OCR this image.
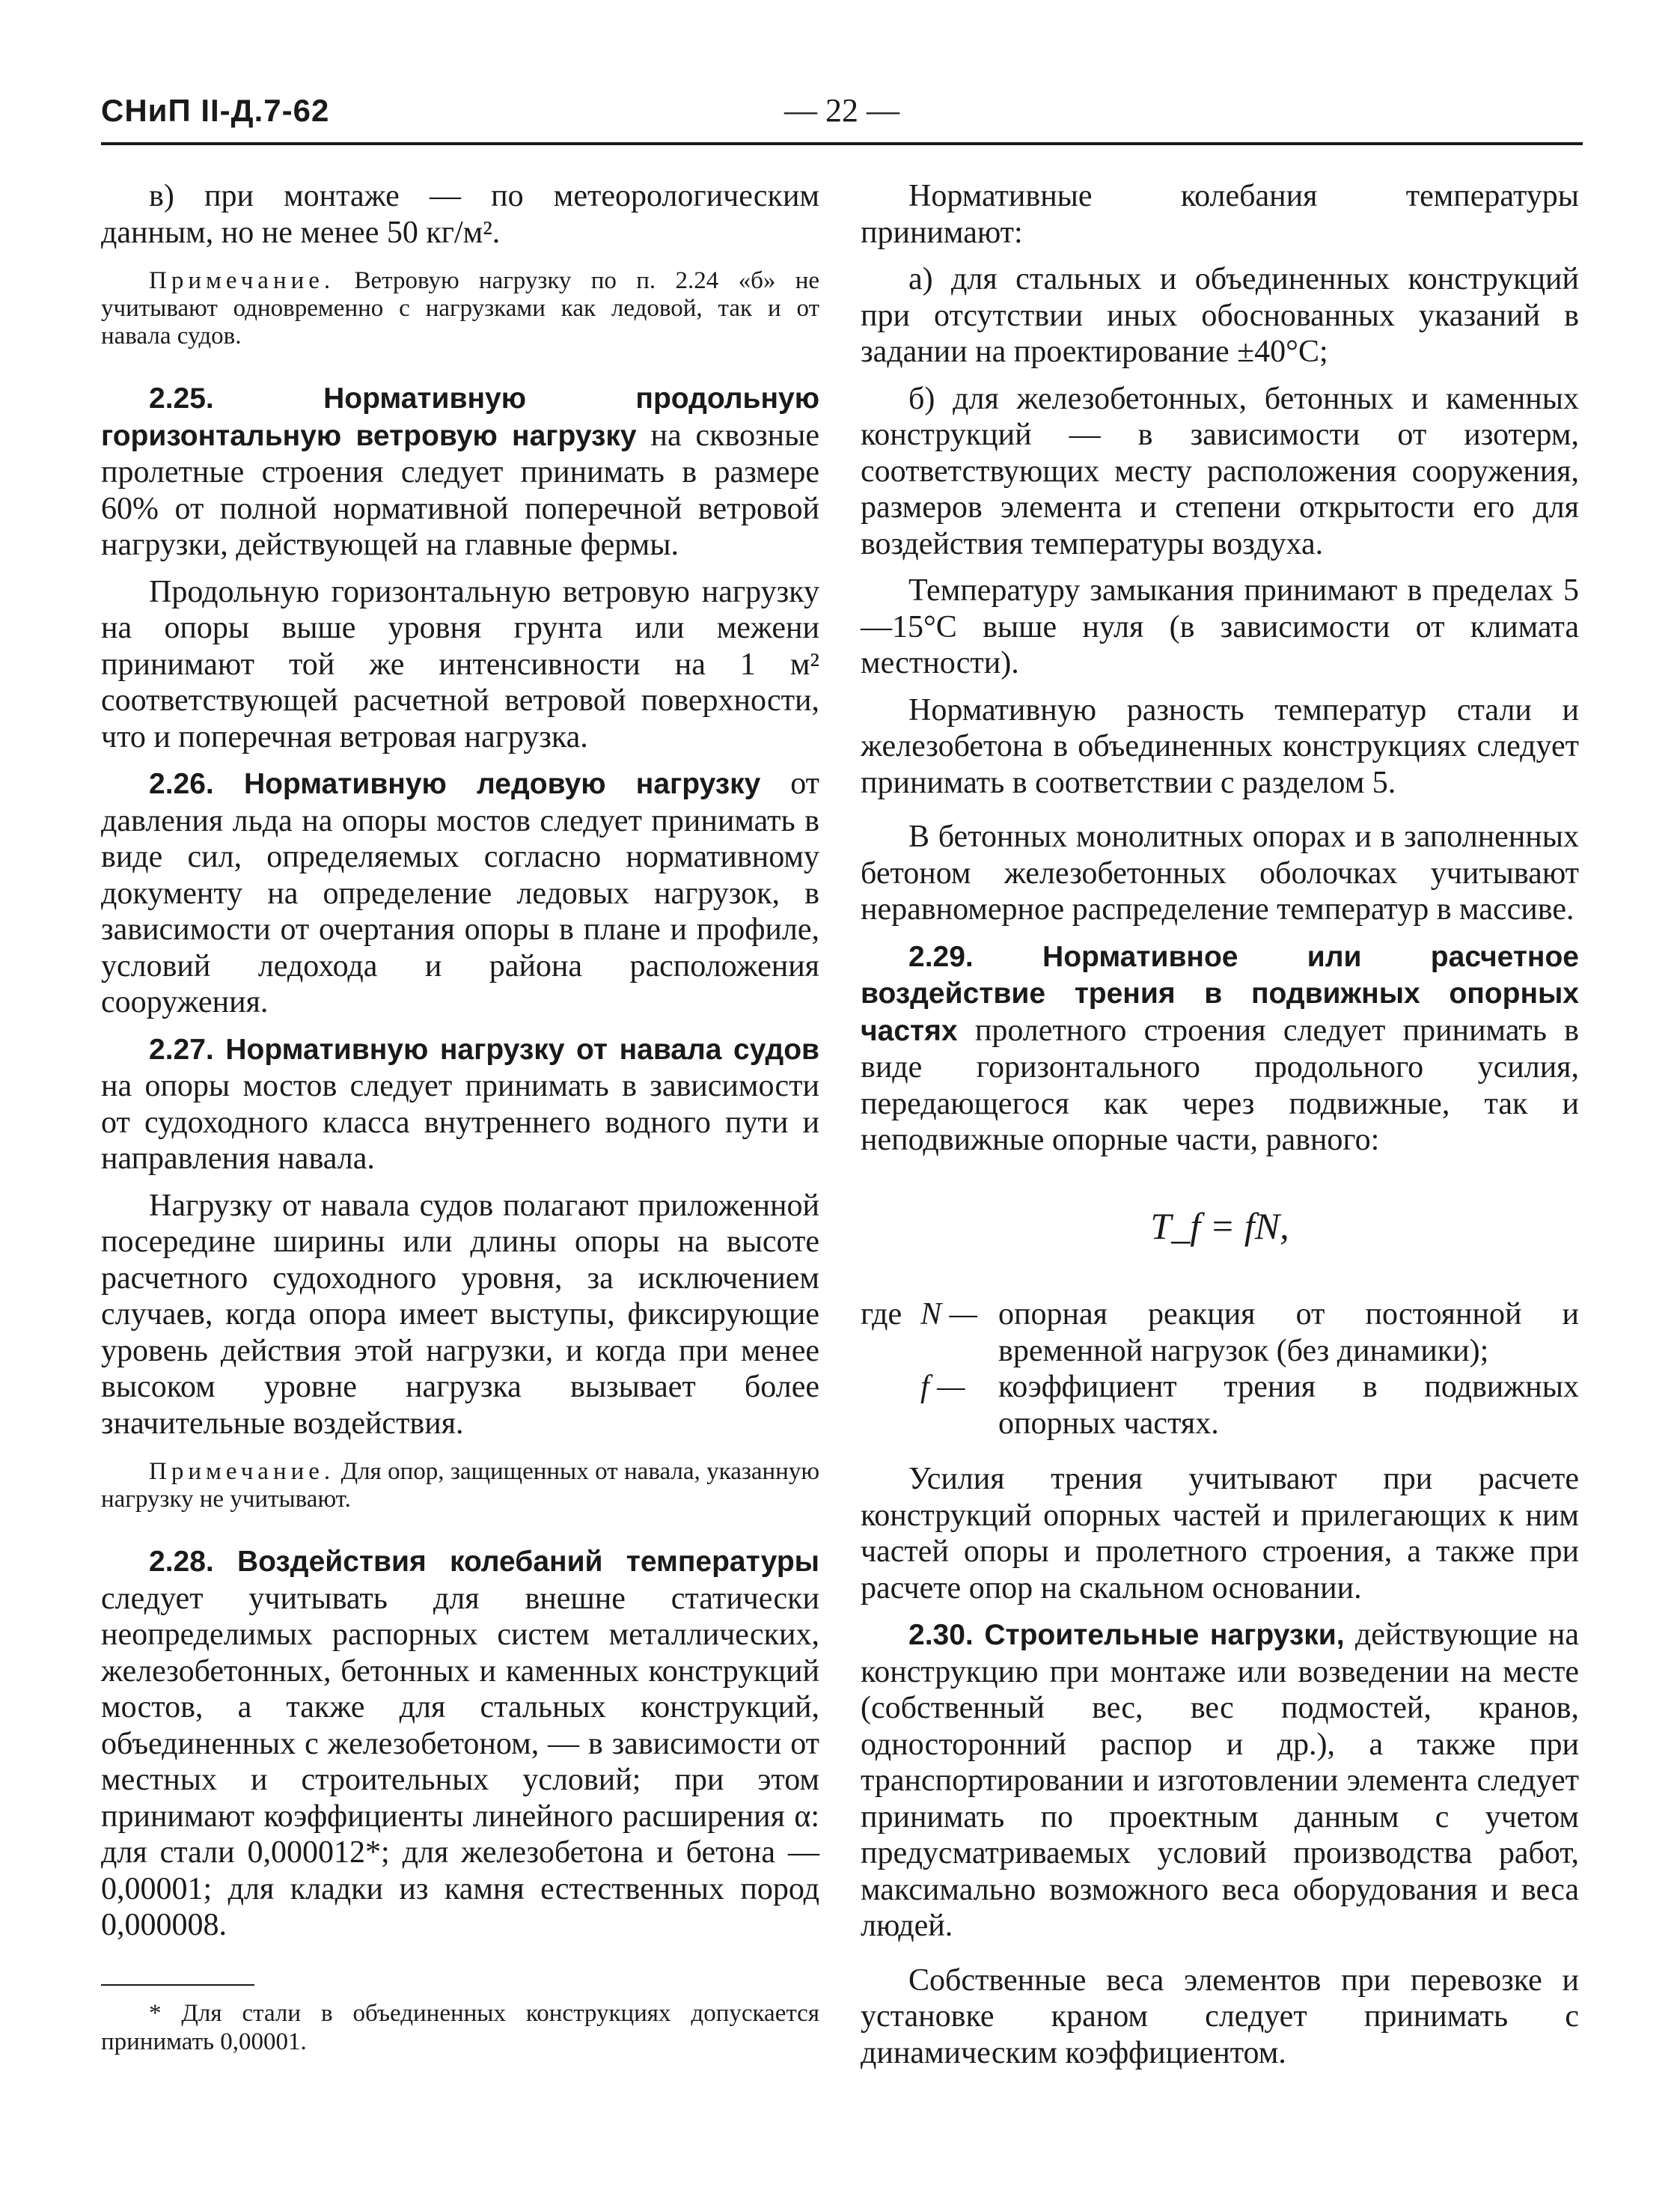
СНиП II-Д.7-62	— 22 —

в) при монтаже — по метеорологическим данным, но не менее 50 кг/м².

Примечание. Ветровую нагрузку по п. 2.24 «б» не учитывают одновременно с нагрузками как ледовой, так и от навала судов.

2.25. Нормативную продольную горизонтальную ветровую нагрузку на сквозные пролетные строения следует принимать в размере 60% от полной нормативной поперечной ветровой нагрузки, действующей на главные фермы.

Продольную горизонтальную ветровую нагрузку на опоры выше уровня грунта или межени принимают той же интенсивности на 1 м² соответствующей расчетной ветровой поверхности, что и поперечная ветровая нагрузка.

2.26. Нормативную ледовую нагрузку от давления льда на опоры мостов следует принимать в виде сил, определяемых согласно нормативному документу на определение ледовых нагрузок, в зависимости от очертания опоры в плане и профиле, условий ледохода и района расположения сооружения.

2.27. Нормативную нагрузку от навала судов на опоры мостов следует принимать в зависимости от судоходного класса внутреннего водного пути и направления навала.

Нагрузку от навала судов полагают приложенной посередине ширины или длины опоры на высоте расчетного судоходного уровня, за исключением случаев, когда опора имеет выступы, фиксирующие уровень действия этой нагрузки, и когда при менее высоком уровне нагрузка вызывает более значительные воздействия.

Примечание. Для опор, защищенных от навала, указанную нагрузку не учитывают.

2.28. Воздействия колебаний температуры следует учитывать для внешне статически неопределимых распорных систем металлических, железобетонных, бетонных и каменных конструкций мостов, а также для стальных конструкций, объединенных с железобетоном, — в зависимости от местных и строительных условий; при этом принимают коэффициенты линейного расширения α: для стали 0,000012*; для железобетона и бетона — 0,00001; для кладки из камня естественных пород 0,000008.

* Для стали в объединенных конструкциях допускается принимать 0,00001.

Нормативные колебания температуры принимают:

а) для стальных и объединенных конструкций при отсутствии иных обоснованных указаний в задании на проектирование ±40°С;

б) для железобетонных, бетонных и каменных конструкций — в зависимости от изотерм, соответствующих месту расположения сооружения, размеров элемента и степени открытости его для воздействия температуры воздуха.

Температуру замыкания принимают в пределах 5—15°С выше нуля (в зависимости от климата местности).

Нормативную разность температур стали и железобетона в объединенных конструкциях следует принимать в соответствии с разделом 5.

В бетонных монолитных опорах и в заполненных бетоном железобетонных оболочках учитывают неравномерное распределение температур в массиве.

2.29. Нормативное или расчетное воздействие трения в подвижных опорных частях пролетного строения следует принимать в виде горизонтального продольного усилия, передающегося как через подвижные, так и неподвижные опорные части, равного:

T_f = fN,
где N — опорная реакция от постоянной и временной нагрузок (без динамики);
f —	коэффициент трения в подвижных опорных частях.

Усилия трения учитывают при расчете конструкций опорных частей и прилегающих к ним частей опоры и пролетного строения, а также при расчете опор на скальном основании.

2.30. Строительные нагрузки, действующие на конструкцию при монтаже или возведении на месте (собственный вес, вес подмостей, кранов, односторонний распор и др.), а также при транспортировании и изготовлении элемента следует принимать по проектным данным с учетом предусматриваемых условий производства работ, максимально возможного веса оборудования и веса людей.

Собственные веса элементов при перевозке и установке краном следует принимать с динамическим коэффициентом.
